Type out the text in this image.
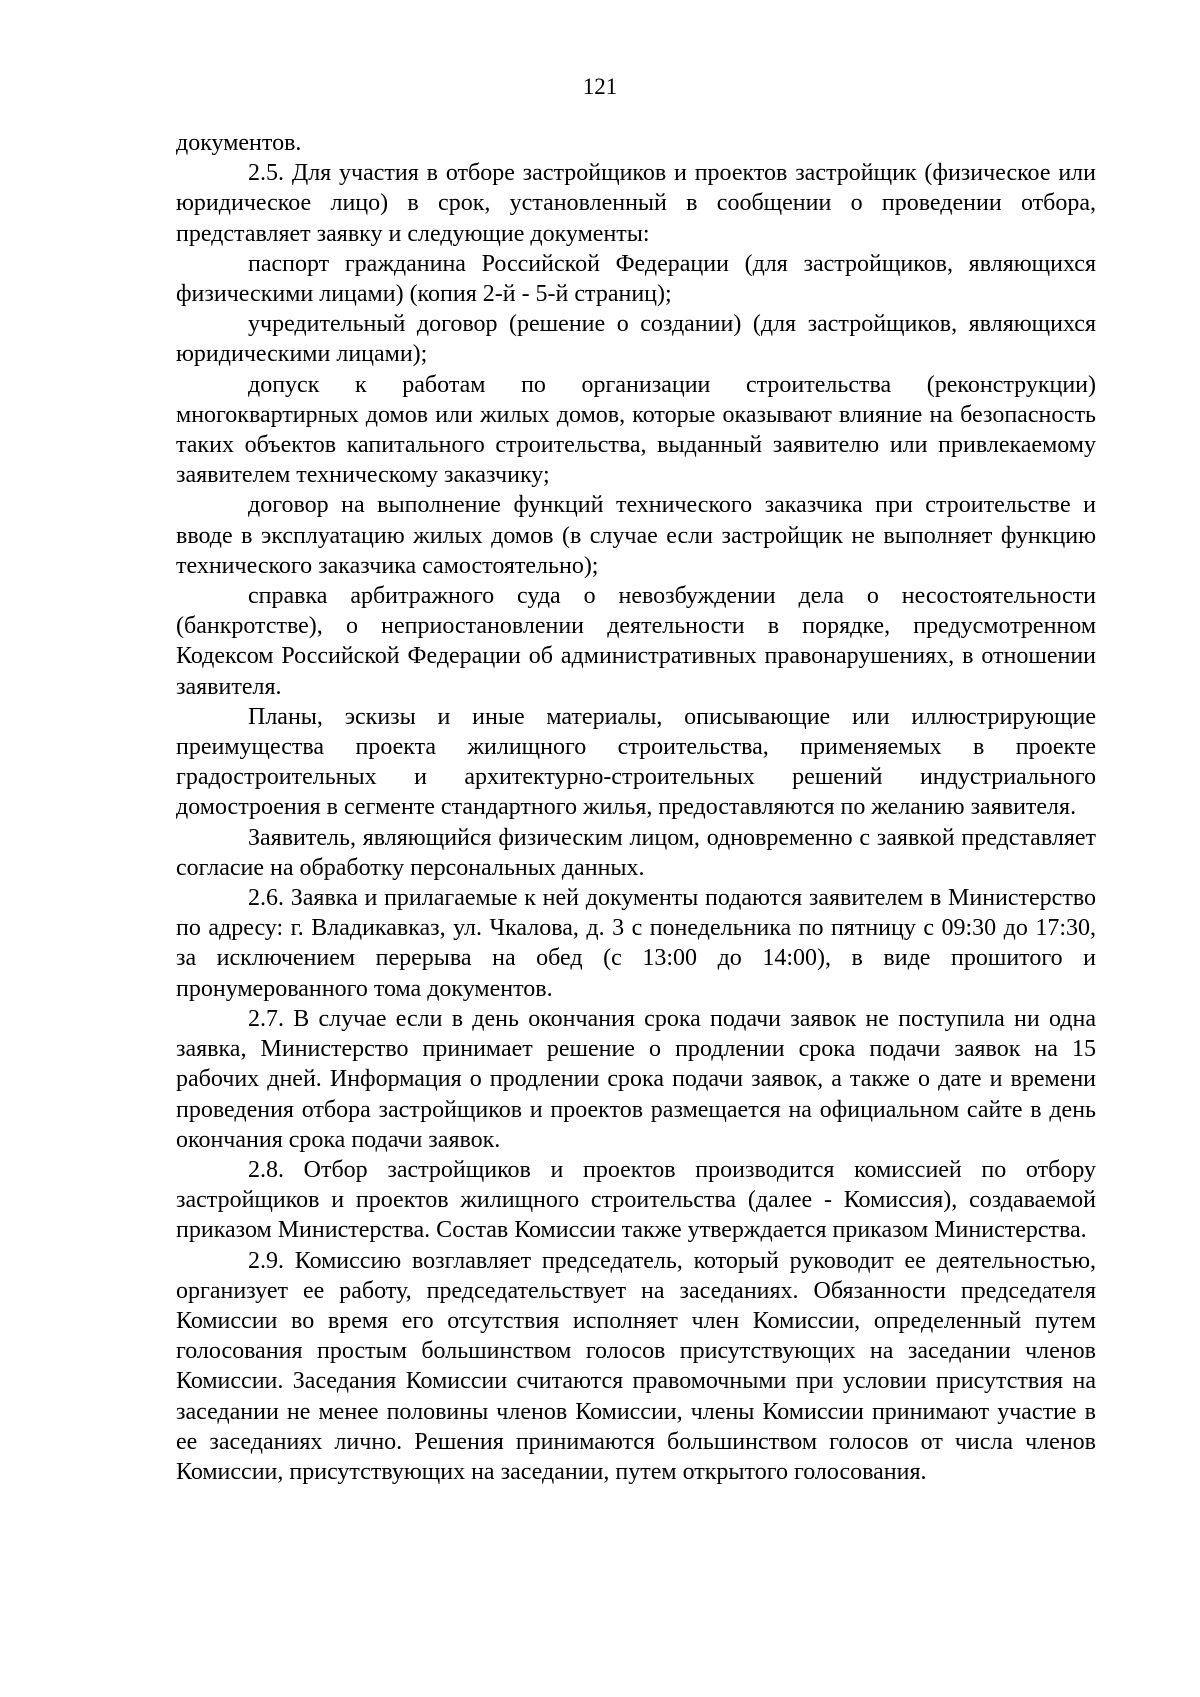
121

документов.

2.5. Для участия в отборе застройщиков и проектов застройщик (физическое или юридическое лицо) в срок, установленный в сообщении о проведении отбора, представляет заявку и следующие документы:

паспорт гражданина Российской Федерации (для застройщиков, являющихся физическими лицами) (копия 2-й - 5-й страниц);

учредительный договор (решение о создании) (для застройщиков, являющихся юридическими лицами);

допуск к работам по организации строительства (реконструкции) многоквартирных домов или жилых домов, которые оказывают влияние на безопасность таких объектов капитального строительства, выданный заявителю или привлекаемому заявителем техническому заказчику;

договор на выполнение функций технического заказчика при строительстве и вводе в эксплуатацию жилых домов (в случае если застройщик не выполняет функцию технического заказчика самостоятельно);

справка арбитражного суда о невозбуждении дела о несостоятельности (банкротстве), о неприостановлении деятельности в порядке, предусмотренном Кодексом Российской Федерации об административных правонарушениях, в отношении заявителя.

Планы, эскизы и иные материалы, описывающие или иллюстрирующие преимущества проекта жилищного строительства, применяемых в проекте градостроительных и архитектурно-строительных решений индустриального домостроения в сегменте стандартного жилья, предоставляются по желанию заявителя.

Заявитель, являющийся физическим лицом, одновременно с заявкой представляет согласие на обработку персональных данных.

2.6. Заявка и прилагаемые к ней документы подаются заявителем в Министерство по адресу: г. Владикавказ, ул. Чкалова, д. 3 с понедельника по пятницу с 09:30 до 17:30, за исключением перерыва на обед (с 13:00 до 14:00), в виде прошитого и пронумерованного тома документов.

2.7. В случае если в день окончания срока подачи заявок не поступила ни одна заявка, Министерство принимает решение о продлении срока подачи заявок на 15 рабочих дней. Информация о продлении срока подачи заявок, а также о дате и времени проведения отбора застройщиков и проектов размещается на официальном сайте в день окончания срока подачи заявок.

2.8. Отбор застройщиков и проектов производится комиссией по отбору застройщиков и проектов жилищного строительства (далее - Комиссия), создаваемой приказом Министерства. Состав Комиссии также утверждается приказом Министерства.

2.9. Комиссию возглавляет председатель, который руководит ее деятельностью, организует ее работу, председательствует на заседаниях. Обязанности председателя Комиссии во время его отсутствия исполняет член Комиссии, определенный путем голосования простым большинством голосов присутствующих на заседании членов Комиссии. Заседания Комиссии считаются правомочными при условии присутствия на заседании не менее половины членов Комиссии, члены Комиссии принимают участие в ее заседаниях лично. Решения принимаются большинством голосов от числа членов Комиссии, присутствующих на заседании, путем открытого голосования.
